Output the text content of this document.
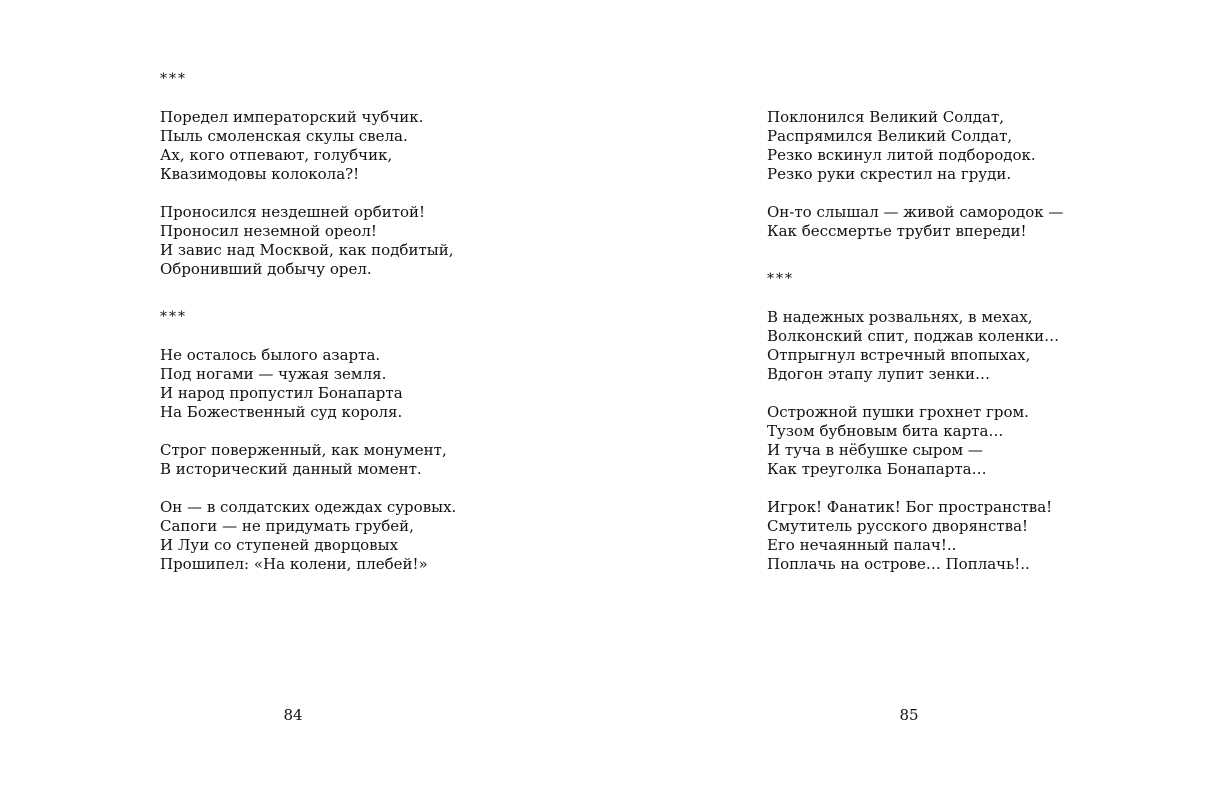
***
Поредел императорский чубчик.
Пыль смоленская скулы свела.
Ах, кого отпевают, голубчик,
Квазимодовы колокола?!
Проносился нездешней орбитой!
Проносил неземной ореол!
И завис над Москвой, как подбитый,
Обронивший добычу орел.
***
Не осталось былого азарта.
Под ногами — чужая земля.
И народ пропустил Бонапарта
На Божественный суд короля.
Строг поверженный, как монумент,
В исторический данный момент.
Он — в солдатских одеждах суровых.
Сапоги — не придумать грубей,
И Луи со ступеней дворцовых
Прошипел: «На колени, плебей!»
84
Поклонился Великий Солдат,
Распрямился Великий Солдат,
Резко вскинул литой подбородок.
Резко руки скрестил на груди.
Он-то слышал — живой самородок —
Как бессмертье трубит впереди!
***
В надежных розвальнях, в мехах,
Волконский спит, поджав коленки…
Отпрыгнул встречный впопыхах,
Вдогон этапу лупит зенки…
Острожной пушки грохнет гром.
Тузом бубновым бита карта…
И туча в нёбушке сыром —
Как треуголка Бонапарта…
Игрок! Фанатик! Бог пространства!
Смутитель русского дворянства!
Его нечаянный палач!..
Поплачь на острове… Поплачь!..
85
